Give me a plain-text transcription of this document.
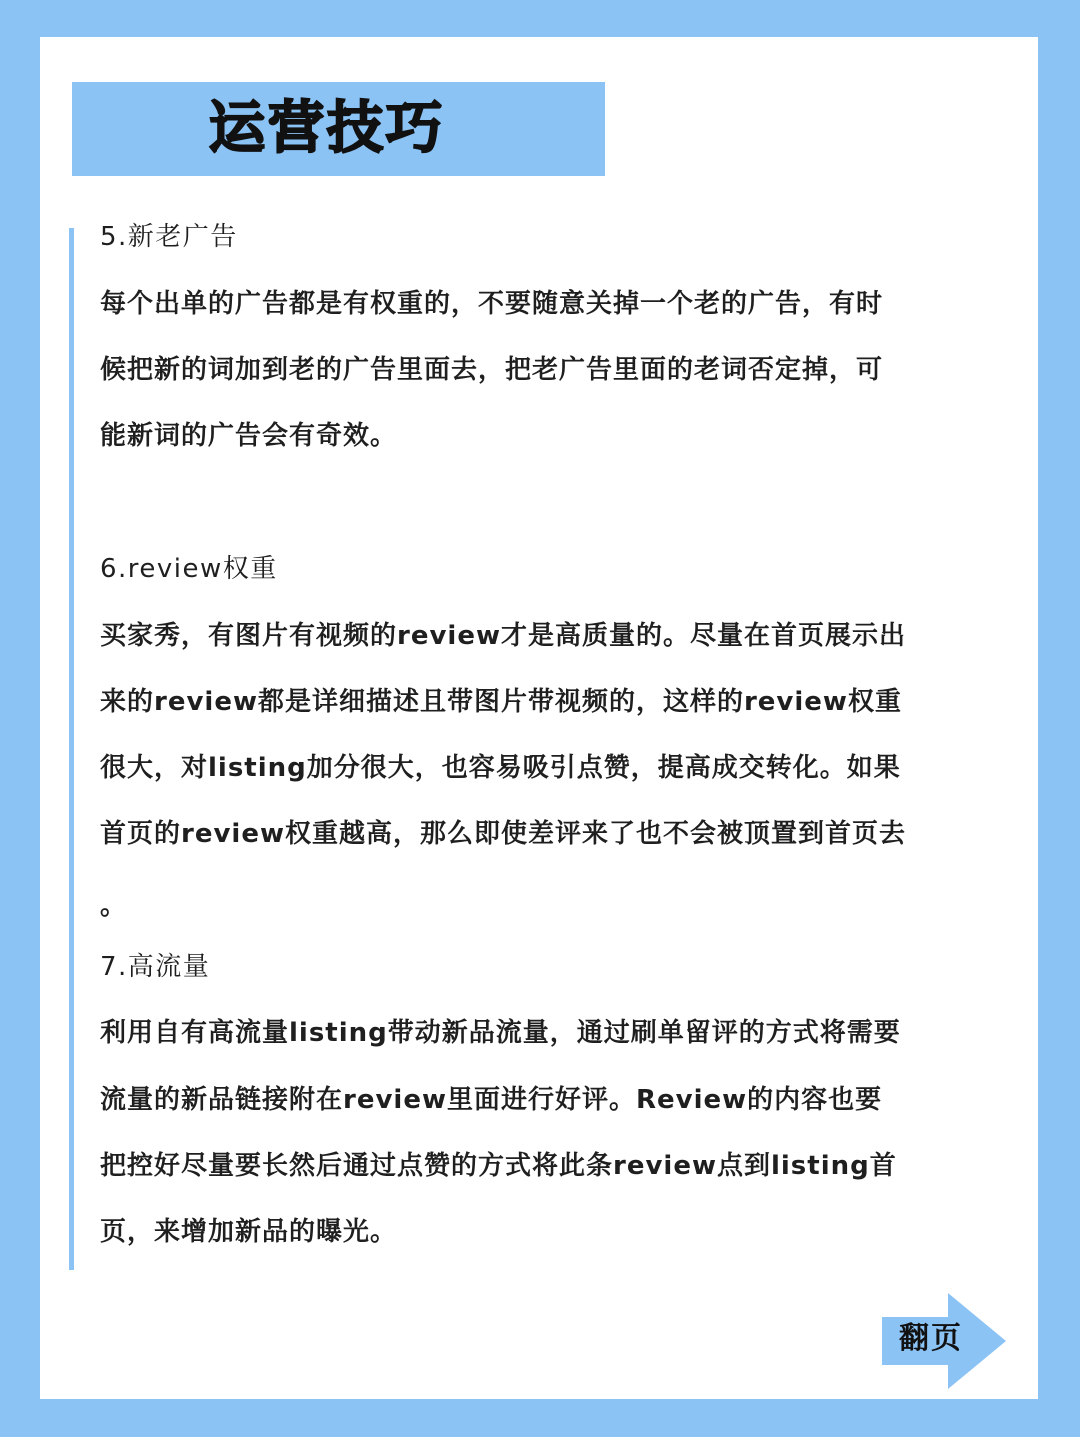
运营技巧
5.新老广告
每个出单的广告都是有权重的，不要随意关掉一个老的广告，有时
候把新的词加到老的广告里面去，把老广告里面的老词否定掉，可
能新词的广告会有奇效。
6.review权重
买家秀，有图片有视频的review才是高质量的。尽量在首页展示出
来的review都是详细描述且带图片带视频的，这样的review权重
很大，对listing加分很大，也容易吸引点赞，提高成交转化。如果
首页的review权重越高，那么即使差评来了也不会被顶置到首页去
。
7.高流量
利用自有高流量listing带动新品流量，通过刷单留评的方式将需要
流量的新品链接附在review里面进行好评。Review的内容也要
把控好尽量要长然后通过点赞的方式将此条review点到listing首
页，来增加新品的曝光。
翻页
